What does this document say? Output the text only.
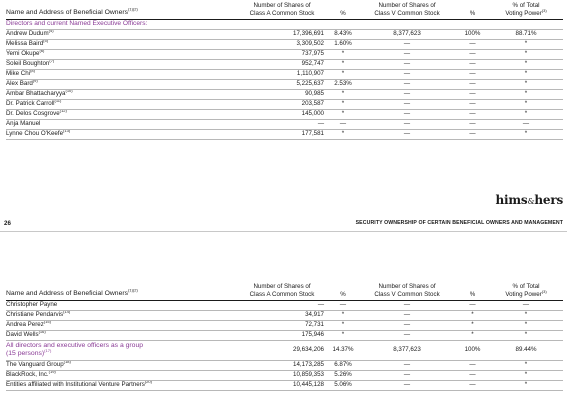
Name and Address of Beneficial Owners$^{(1)(2)}$	Number of Shares of
Class A Common Stock	%	Number of Shares of
Class V Common Stock	%	% of Total
Voting Power$^{(3)}$
Directors and current Named Executive Officers:					
Andrew Dudum$^{(4)}$	17,396,691	8.43%	8,377,623	100%	88.71%
Melissa Baird$^{(5)}$	3,309,502	1.60%	—	—	*
Yemi Okupe$^{(6)}$	737,975	*	—	—	*
Soleil Boughton$^{(7)}$	952,747	*	—	—	*
Mike Chi$^{(8)}$	1,110,907	*	—	—	*
Alex Bard$^{(9)}$	5,225,637	2.53%	—	—	*
Ambar Bhattacharyya$^{(10)}$	90,985	*	—	—	*
Dr. Patrick Carroll$^{(11)}$	203,587	*	—	—	*
Dr. Delos Cosgrove$^{(12)}$	145,000	*	—	—	*
Anja Manuel	—	—	—	—	—
Lynne Chou O'Keefe$^{(13)}$	177,581	*	—	—	*
hims&hers
26	SECURITY OWNERSHIP OF CERTAIN BENEFICIAL OWNERS AND MANAGEMENT
Name and Address of Beneficial Owners$^{(1)(2)}$	Number of Shares of
Class A Common Stock	%	Number of Shares of
Class V Common Stock	%	% of Total
Voting Power$^{(3)}$
Christopher Payne	—	—	—	—	—
Christiane Pendarvis$^{(14)}$	34,917	*	—	*	*
Andrea Perez$^{(15)}$	72,731	*	—	*	*
David Wells$^{(16)}$	175,946	*	—	*	*
All directors and executive officers as a group
(15 persons)$^{(17)}$	29,634,206	14.37%	8,377,623	100%	89.44%
The Vanguard Group$^{(18)}$	14,173,285	6.87%	—	—	*
BlackRock, Inc.$^{(19)}$	10,859,353	5.26%	—	—	*
Entities affiliated with Institutional Venture Partners$^{(20)}$	10,445,128	5.06%	—	—	*
